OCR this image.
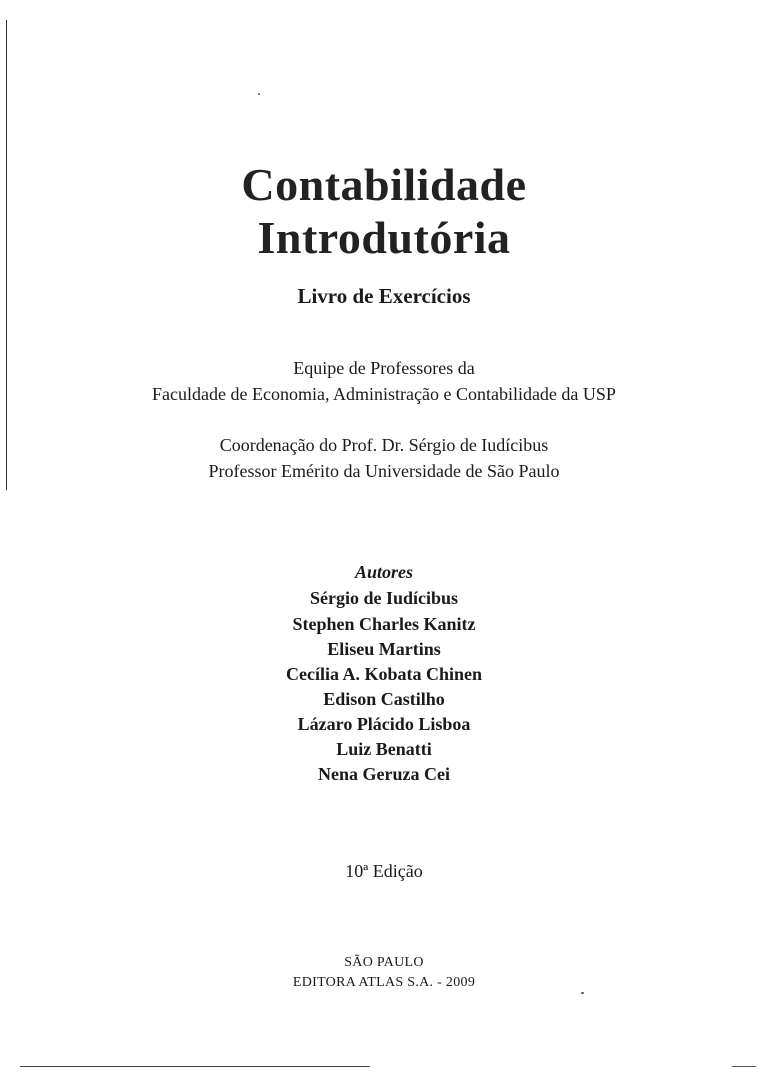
Contabilidade
Introdutória
Livro de Exercícios
Equipe de Professores da
Faculdade de Economia, Administração e Contabilidade da USP
Coordenação do Prof. Dr. Sérgio de Iudícibus
Professor Emérito da Universidade de São Paulo
Autores
Sérgio de Iudícibus
Stephen Charles Kanitz
Eliseu Martins
Cecília A. Kobata Chinen
Edison Castilho
Lázaro Plácido Lisboa
Luiz Benatti
Nena Geruza Cei
10ª Edição
SÃO PAULO
EDITORA ATLAS S.A. - 2009
